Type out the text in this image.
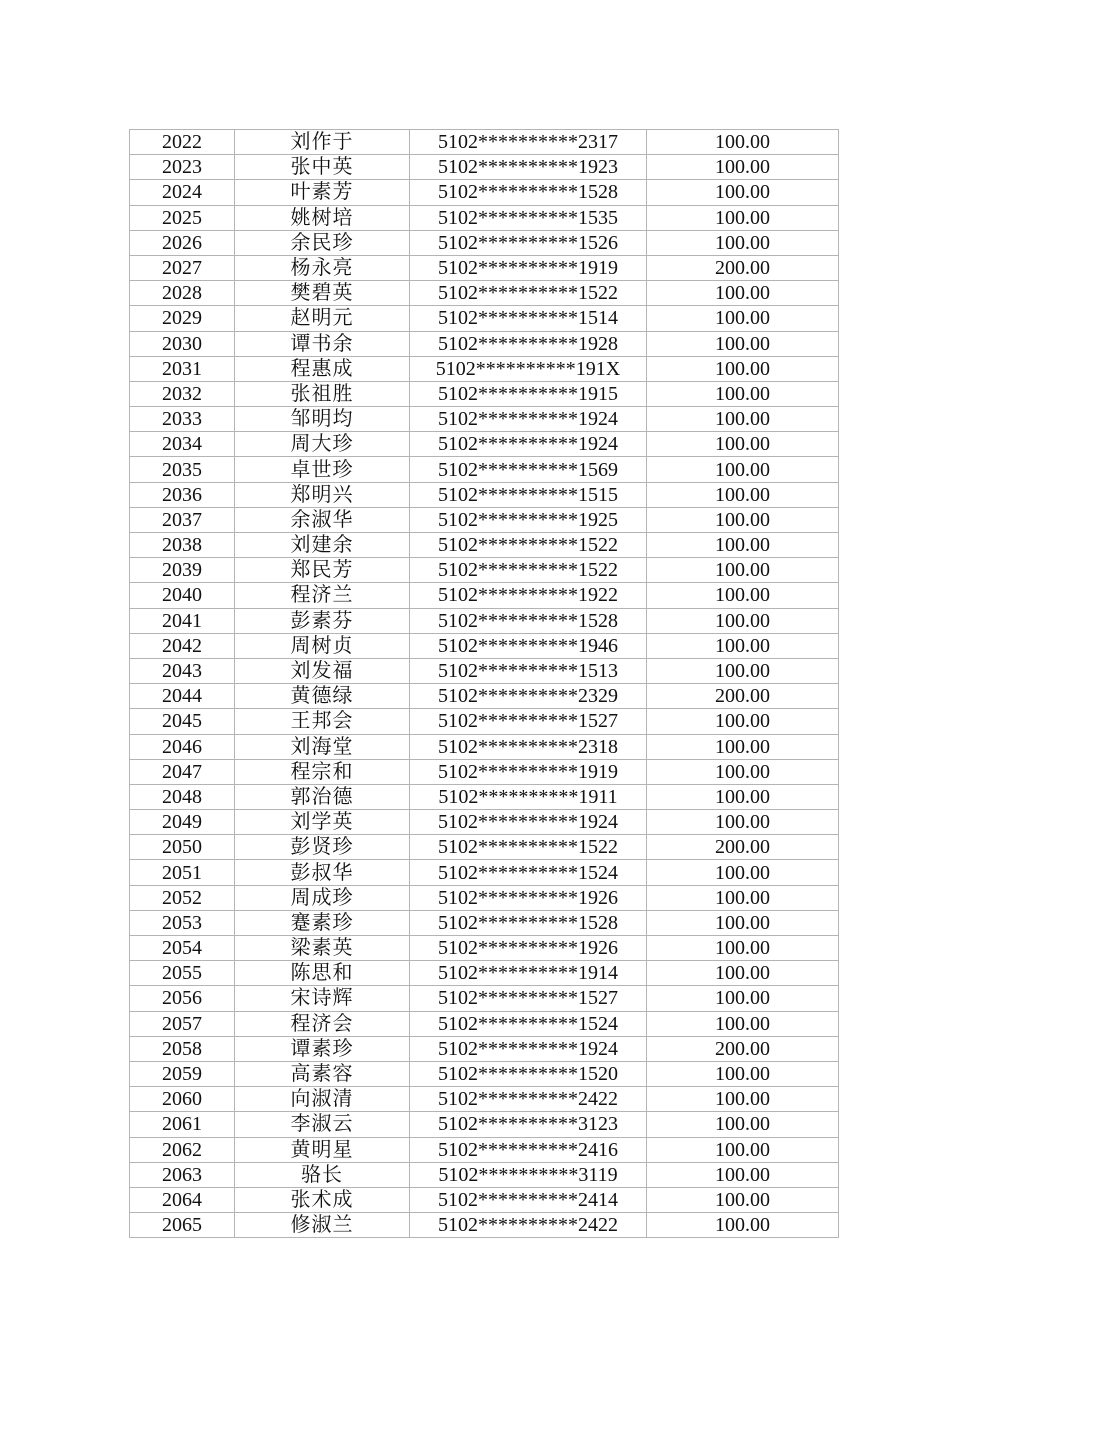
2022	刘作于	5102**********2317	100.00
2023	张中英	5102**********1923	100.00
2024	叶素芳	5102**********1528	100.00
2025	姚树培	5102**********1535	100.00
2026	余民珍	5102**********1526	100.00
2027	杨永亮	5102**********1919	200.00
2028	樊碧英	5102**********1522	100.00
2029	赵明元	5102**********1514	100.00
2030	谭书余	5102**********1928	100.00
2031	程惠成	5102**********191X	100.00
2032	张祖胜	5102**********1915	100.00
2033	邹明均	5102**********1924	100.00
2034	周大珍	5102**********1924	100.00
2035	卓世珍	5102**********1569	100.00
2036	郑明兴	5102**********1515	100.00
2037	余淑华	5102**********1925	100.00
2038	刘建余	5102**********1522	100.00
2039	郑民芳	5102**********1522	100.00
2040	程济兰	5102**********1922	100.00
2041	彭素芬	5102**********1528	100.00
2042	周树贞	5102**********1946	100.00
2043	刘发福	5102**********1513	100.00
2044	黄德绿	5102**********2329	200.00
2045	王邦会	5102**********1527	100.00
2046	刘海堂	5102**********2318	100.00
2047	程宗和	5102**********1919	100.00
2048	郭治德	5102**********1911	100.00
2049	刘学英	5102**********1924	100.00
2050	彭贤珍	5102**********1522	200.00
2051	彭叔华	5102**********1524	100.00
2052	周成珍	5102**********1926	100.00
2053	蹇素珍	5102**********1528	100.00
2054	梁素英	5102**********1926	100.00
2055	陈思和	5102**********1914	100.00
2056	宋诗辉	5102**********1527	100.00
2057	程济会	5102**********1524	100.00
2058	谭素珍	5102**********1924	200.00
2059	高素容	5102**********1520	100.00
2060	向淑清	5102**********2422	100.00
2061	李淑云	5102**********3123	100.00
2062	黄明星	5102**********2416	100.00
2063	骆长	5102**********3119	100.00
2064	张术成	5102**********2414	100.00
2065	修淑兰	5102**********2422	100.00
